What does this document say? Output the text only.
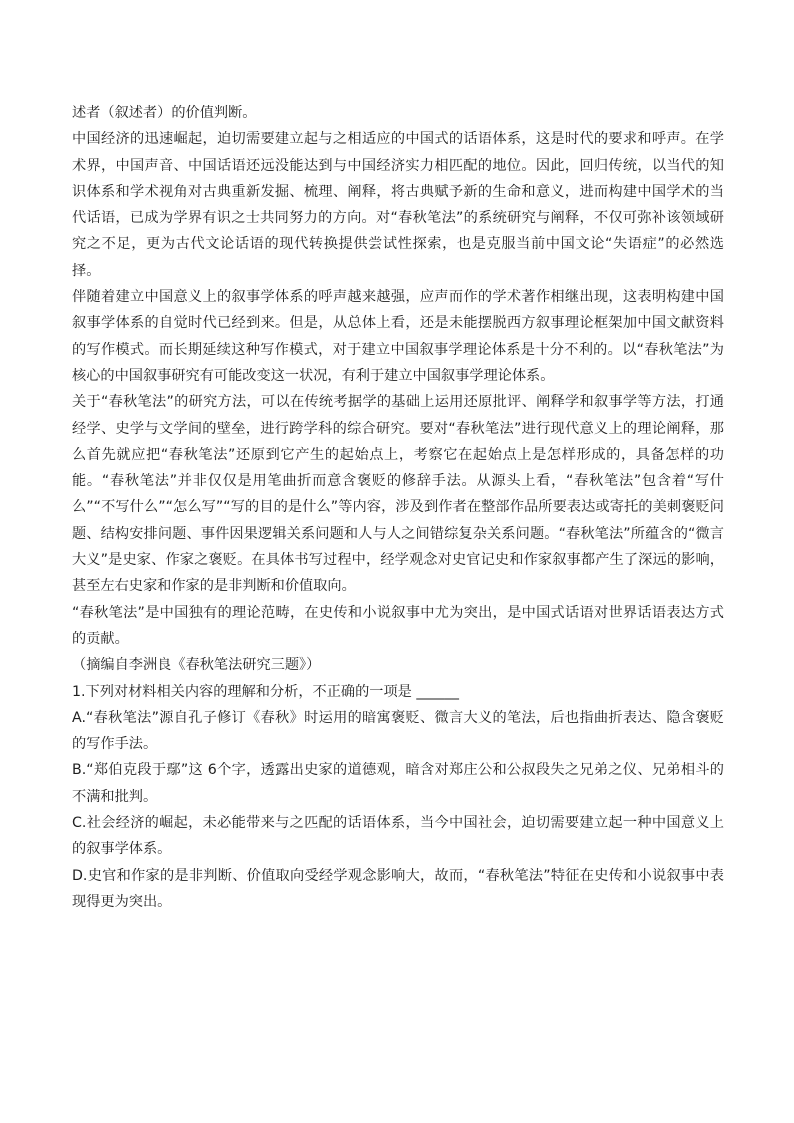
述者（叙述者）的价值判断。

中国经济的迅速崛起，迫切需要建立起与之相适应的中国式的话语体系，这是时代的要求和呼声。在学术界，中国声音、中国话语还远没能达到与中国经济实力相匹配的地位。因此，回归传统，以当代的知识体系和学术视角对古典重新发掘、梳理、阐释，将古典赋予新的生命和意义，进而构建中国学术的当代话语，已成为学界有识之士共同努力的方向。对“春秋笔法”的系统研究与阐释，不仅可弥补该领域研究之不足，更为古代文论话语的现代转换提供尝试性探索，也是克服当前中国文论“失语症”的必然选择。

伴随着建立中国意义上的叙事学体系的呼声越来越强，应声而作的学术著作相继出现，这表明构建中国叙事学体系的自觉时代已经到来。但是，从总体上看，还是未能摆脱西方叙事理论框架加中国文献资料的写作模式。而长期延续这种写作模式，对于建立中国叙事学理论体系是十分不利的。以“春秋笔法”为核心的中国叙事研究有可能改变这一状况，有利于建立中国叙事学理论体系。

关于“春秋笔法”的研究方法，可以在传统考据学的基础上运用还原批评、阐释学和叙事学等方法，打通经学、史学与文学间的壁垒，进行跨学科的综合研究。要对“春秋笔法”进行现代意义上的理论阐释，那么首先就应把“春秋笔法”还原到它产生的起始点上，考察它在起始点上是怎样形成的，具备怎样的功能。“春秋笔法”并非仅仅是用笔曲折而意含褒贬的修辞手法。从源头上看，“春秋笔法”包含着“写什么”“不写什么”“怎么写”“写的目的是什么”等内容，涉及到作者在整部作品所要表达或寄托的美刺褒贬问题、结构安排问题、事件因果逻辑关系问题和人与人之间错综复杂关系问题。“春秋笔法”所蕴含的“微言大义”是史家、作家之褒贬。在具体书写过程中，经学观念对史官记史和作家叙事都产生了深远的影响，甚至左右史家和作家的是非判断和价值取向。

“春秋笔法”是中国独有的理论范畴，在史传和小说叙事中尤为突出，是中国式话语对世界话语表达方式的贡献。

（摘编自李洲良《春秋笔法研究三题》）

1.下列对材料相关内容的理解和分析，不正确的一项是 ______

A.“春秋笔法”源自孔子修订《春秋》时运用的暗寓褒贬、微言大义的笔法，后也指曲折表达、隐含褒贬的写作手法。

B.“郑伯克段于鄢”这 6个字，透露出史家的道德观，暗含对郑庄公和公叔段失之兄弟之仪、兄弟相斗的不满和批判。

C.社会经济的崛起，未必能带来与之匹配的话语体系，当今中国社会，迫切需要建立起一种中国意义上的叙事学体系。

D.史官和作家的是非判断、价值取向受经学观念影响大，故而，“春秋笔法”特征在史传和小说叙事中表现得更为突出。
